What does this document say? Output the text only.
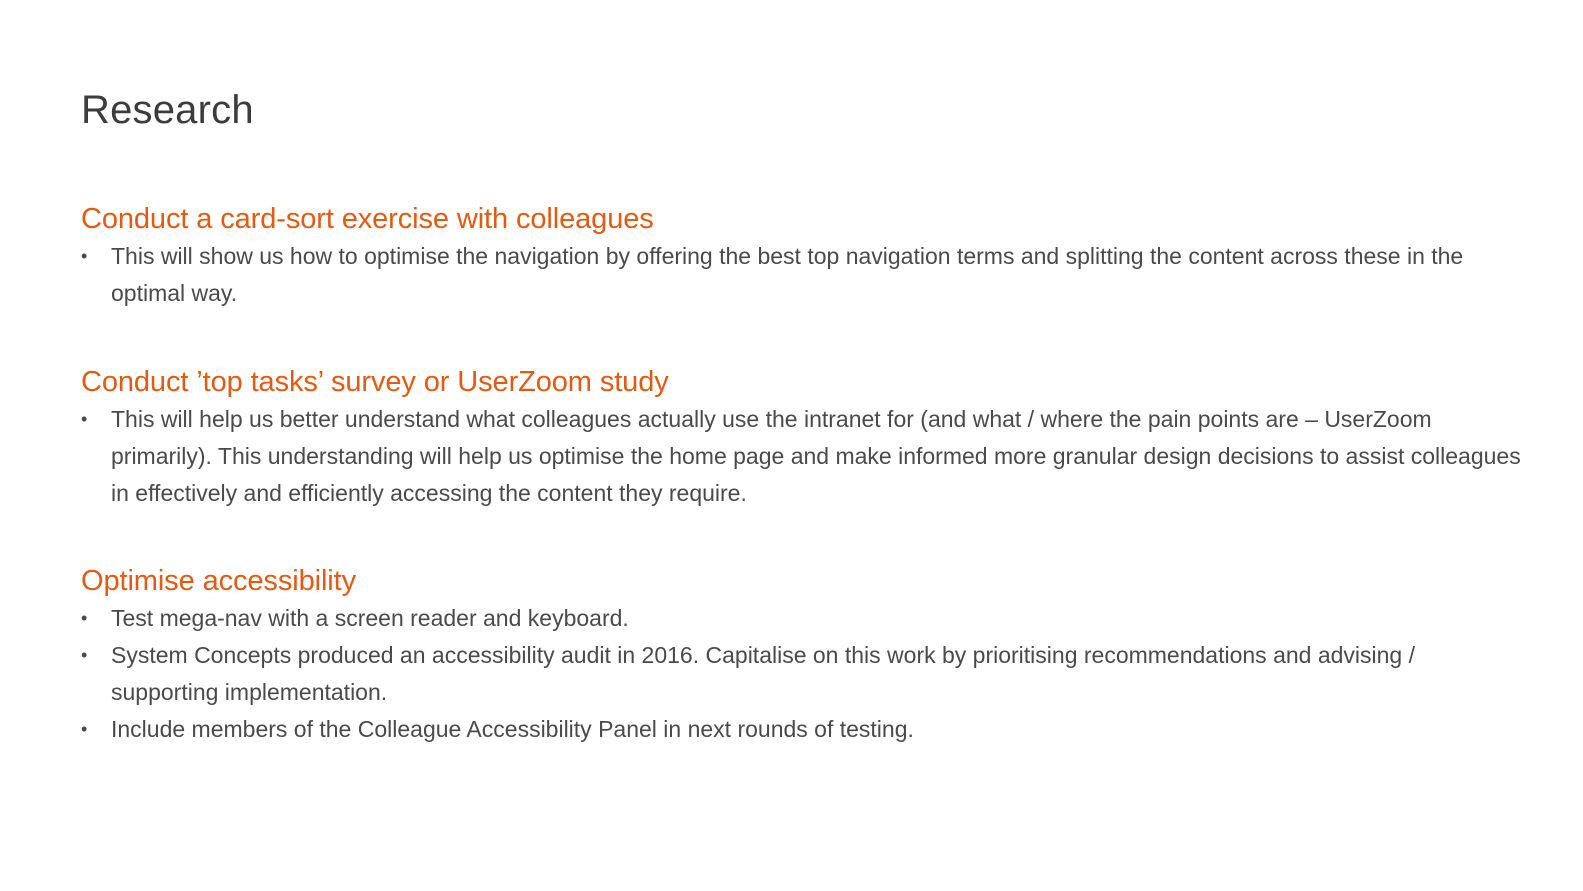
Research
Conduct a card-sort exercise with colleagues
•	This will show us how to optimise the navigation by offering the best top navigation terms and splitting the content across these in the optimal way.
Conduct ’top tasks’ survey or UserZoom study
•	This will help us better understand what colleagues actually use the intranet for (and what / where the pain points are – UserZoom primarily). This understanding will help us optimise the home page and make informed more granular design decisions to assist colleagues in effectively and efficiently accessing the content they require.
Optimise accessibility
•	Test mega-nav with a screen reader and keyboard.
•	System Concepts produced an accessibility audit in 2016. Capitalise on this work by prioritising recommendations and advising / supporting implementation.
•	Include members of the Colleague Accessibility Panel in next rounds of testing.
